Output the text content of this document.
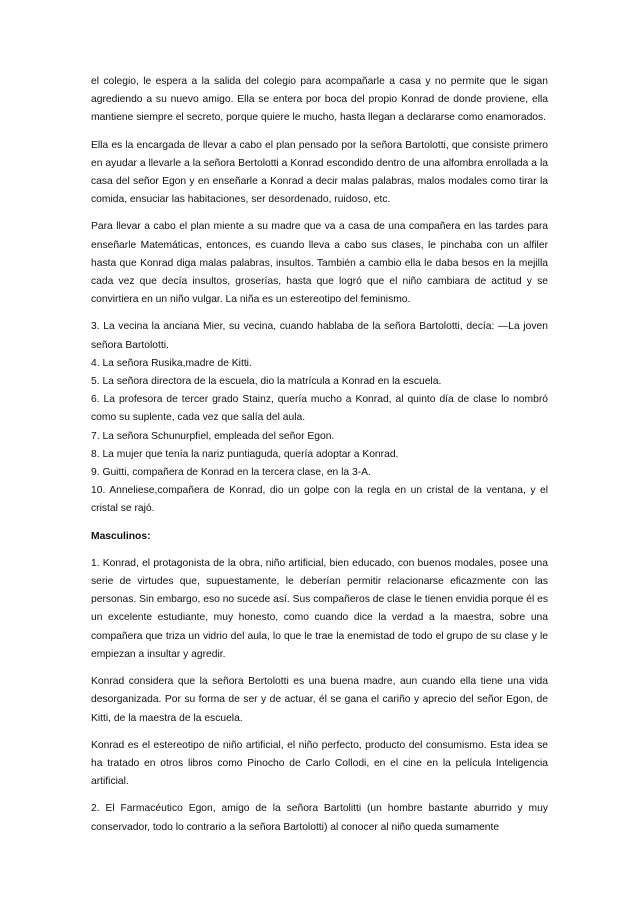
el colegio, le espera a la salida del colegio para acompañarle a casa y no permite que le sigan agrediendo a su nuevo amigo. Ella se entera por boca del propio Konrad de donde proviene, ella mantiene siempre el secreto, porque quiere le mucho, hasta llegan a declararse como enamorados.

Ella es la encargada de llevar a cabo el plan pensado por la señora Bartolotti, que consiste primero en ayudar a llevarle a la señora Bertolotti a Konrad escondido dentro de una alfombra enrollada a la casa del señor Egon y en enseñarle a Konrad a decir malas palabras, malos modales como tirar la comida, ensuciar las habitaciones, ser desordenado, ruidoso, etc.

Para llevar a cabo el plan miente a su madre que va a casa de una compañera en las tardes para enseñarle Matemáticas, entonces, es cuando lleva a cabo sus clases, le pinchaba con un alfiler hasta que Konrad diga malas palabras, insultos. También a cambio ella le daba besos en la mejilla cada vez que decía insultos, groserías, hasta que logró que el niño cambiara de actitud y se convirtiera en un niño vulgar. La niña es un estereotipo del feminismo.

3. La vecina la anciana Mier, su vecina, cuando hablaba de la señora Bartolotti, decía: —La joven señora Bartolotti.

4. La señora Rusika,madre de Kitti.

5. La señora directora de la escuela, dio la matrícula a Konrad en la escuela.

6. La profesora de tercer grado Stainz, quería mucho a Konrad, al quinto día de clase lo nombró como su suplente, cada vez que salía del aula.

7. La señora Schunurpfiel, empleada del señor Egon.

8. La mujer que tenía la nariz puntiaguda, quería adoptar a Konrad.

9. Guitti, compañera de Konrad en la tercera clase, en la 3-A.

10. Anneliese,compañera de Konrad, dio un golpe con la regla en un cristal de la ventana, y el cristal se rajó.

Masculinos:

1. Konrad, el protagonista de la obra, niño artificial, bien educado, con buenos modales, posee una serie de virtudes que, supuestamente, le deberían permitir relacionarse eficazmente con las personas. Sin embargo, eso no sucede así. Sus compañeros de clase le tienen envidia porque él es un excelente estudiante, muy honesto, como cuando dice la verdad a la maestra, sobre una compañera que triza un vidrio del aula, lo que le trae la enemistad de todo el grupo de su clase y le empiezan a insultar y agredir.

Konrad considera que la señora Bertolotti es una buena madre, aun cuando ella tiene una vida desorganizada. Por su forma de ser y de actuar, él se gana el cariño y aprecio del señor Egon, de Kitti, de la maestra de la escuela.

Konrad es el estereotipo de niño artificial, el niño perfecto, producto del consumismo. Esta idea se ha tratado en otros libros como Pinocho de Carlo Collodi, en el cine en la película Inteligencia artificial.

2. El Farmacéutico Egon, amigo de la señora Bartolitti (un hombre bastante aburrido y muy conservador, todo lo contrario a la señora Bartolotti) al conocer al niño queda sumamente
